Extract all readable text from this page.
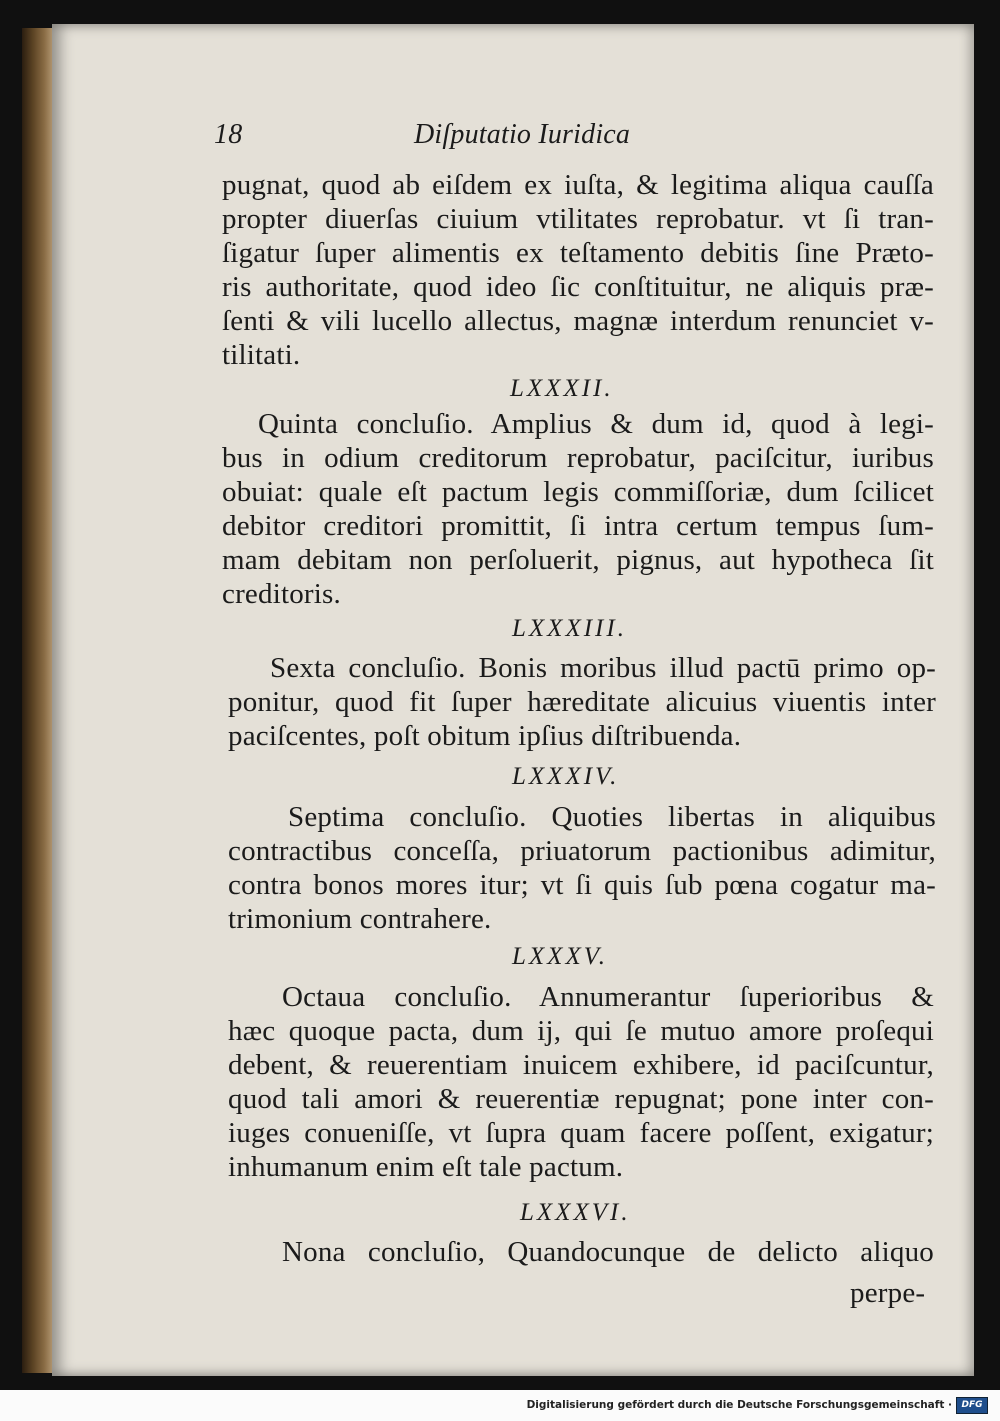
18	Diſputatio Iuridica
pugnat, quod ab eiſdem ex iuſta, & legitima aliqua cauſſa
propter diuerſas ciuium vtilitates reprobatur. vt ſi tran-
ſigatur ſuper alimentis ex teſtamento debitis ſine Prætο-
ris authoritate, quod ideo ſic conſtituitur, ne aliquis præ-
ſenti & vili lucello allectus, magnæ interdum renunciet v-
tilitati.
LXXXII.
Quinta concluſio. Amplius & dum id, quod à legi-
bus in odium creditorum reprobatur, paciſcitur, iuribus
obuiat: quale eſt pactum legis commiſſoriæ, dum ſcilicet
debitor creditori promittit, ſi intra certum tempus ſum-
mam debitam non perſoluerit, pignus, aut hypotheca ſit
creditoris.
LXXXIII.
Sexta concluſio. Bonis moribus illud pactū primo op-
ponitur, quod fit ſuper hæreditate alicuius viuentis inter
paciſcentes, poſt obitum ipſius diſtribuenda.
LXXXIV.
Septima concluſio. Quoties libertas in aliquibus
contractibus conceſſa, priuatorum pactionibus adimitur,
contra bonos mores itur; vt ſi quis ſub pœna cogatur ma-
trimonium contrahere.
LXXXV.
Octaua concluſio. Annumerantur ſuperioribus &
hæc quoque pacta, dum ij, qui ſe mutuo amore proſequi
debent, & reuerentiam inuicem exhibere, id paciſcuntur,
quod tali amori & reuerentiæ repugnat; pone inter con-
iuges conueniſſe, vt ſupra quam facere poſſent, exigatur;
inhumanum enim eſt tale pactum.
LXXXVI.
Nona concluſio, Quandocunque de delicto aliquo
perpe-
Digitalisierung gefördert durch die Deutsche Forschungsgemeinschaft ·	DFG
